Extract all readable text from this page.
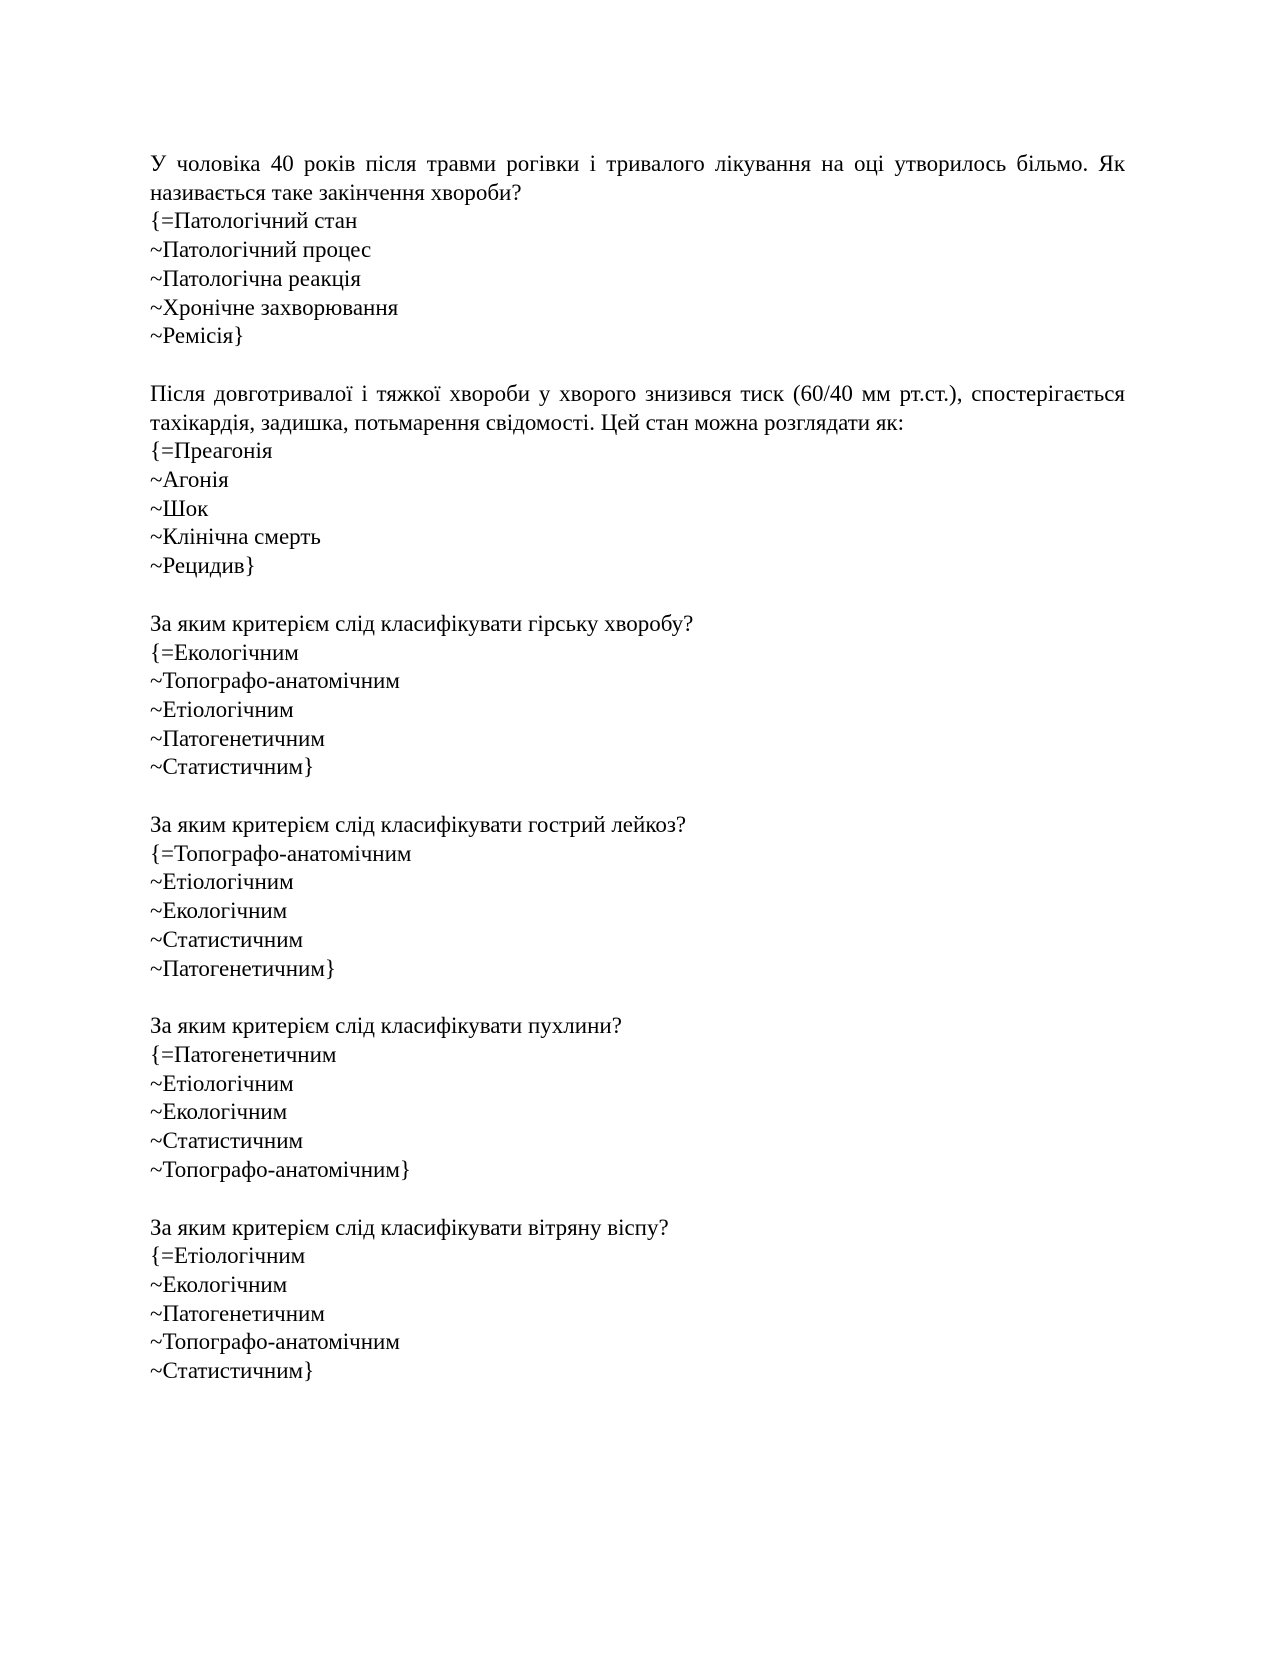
У чоловіка 40 років після травми рогівки і тривалого лікування на оці утворилось більмо. Як називається таке закінчення хвороби?

{=Патологічний стан

~Патологічний процес

~Патологічна реакція

~Хронічне захворювання

~Ремісія}

Після довготривалої і тяжкої хвороби у хворого знизився тиск (60/40 мм рт.ст.), спостерігається тахікардія, задишка, потьмарення свідомості. Цей стан можна розглядати як:

{=Преагонія

~Агонія

~Шок

~Клінічна смерть

~Рецидив}

За яким критерієм слід класифікувати гірську хворобу?

{=Екологічним

~Топографо-анатомічним

~Етіологічним

~Патогенетичним

~Статистичним}

За яким критерієм слід класифікувати гострий лейкоз?

{=Топографо-анатомічним

~Етіологічним

~Екологічним

~Статистичним

~Патогенетичним}

За яким критерієм слід класифікувати пухлини?

{=Патогенетичним

~Етіологічним

~Екологічним

~Статистичним

~Топографо-анатомічним}

За яким критерієм слід класифікувати вітряну віспу?

{=Етіологічним

~Екологічним

~Патогенетичним

~Топографо-анатомічним

~Статистичним}
